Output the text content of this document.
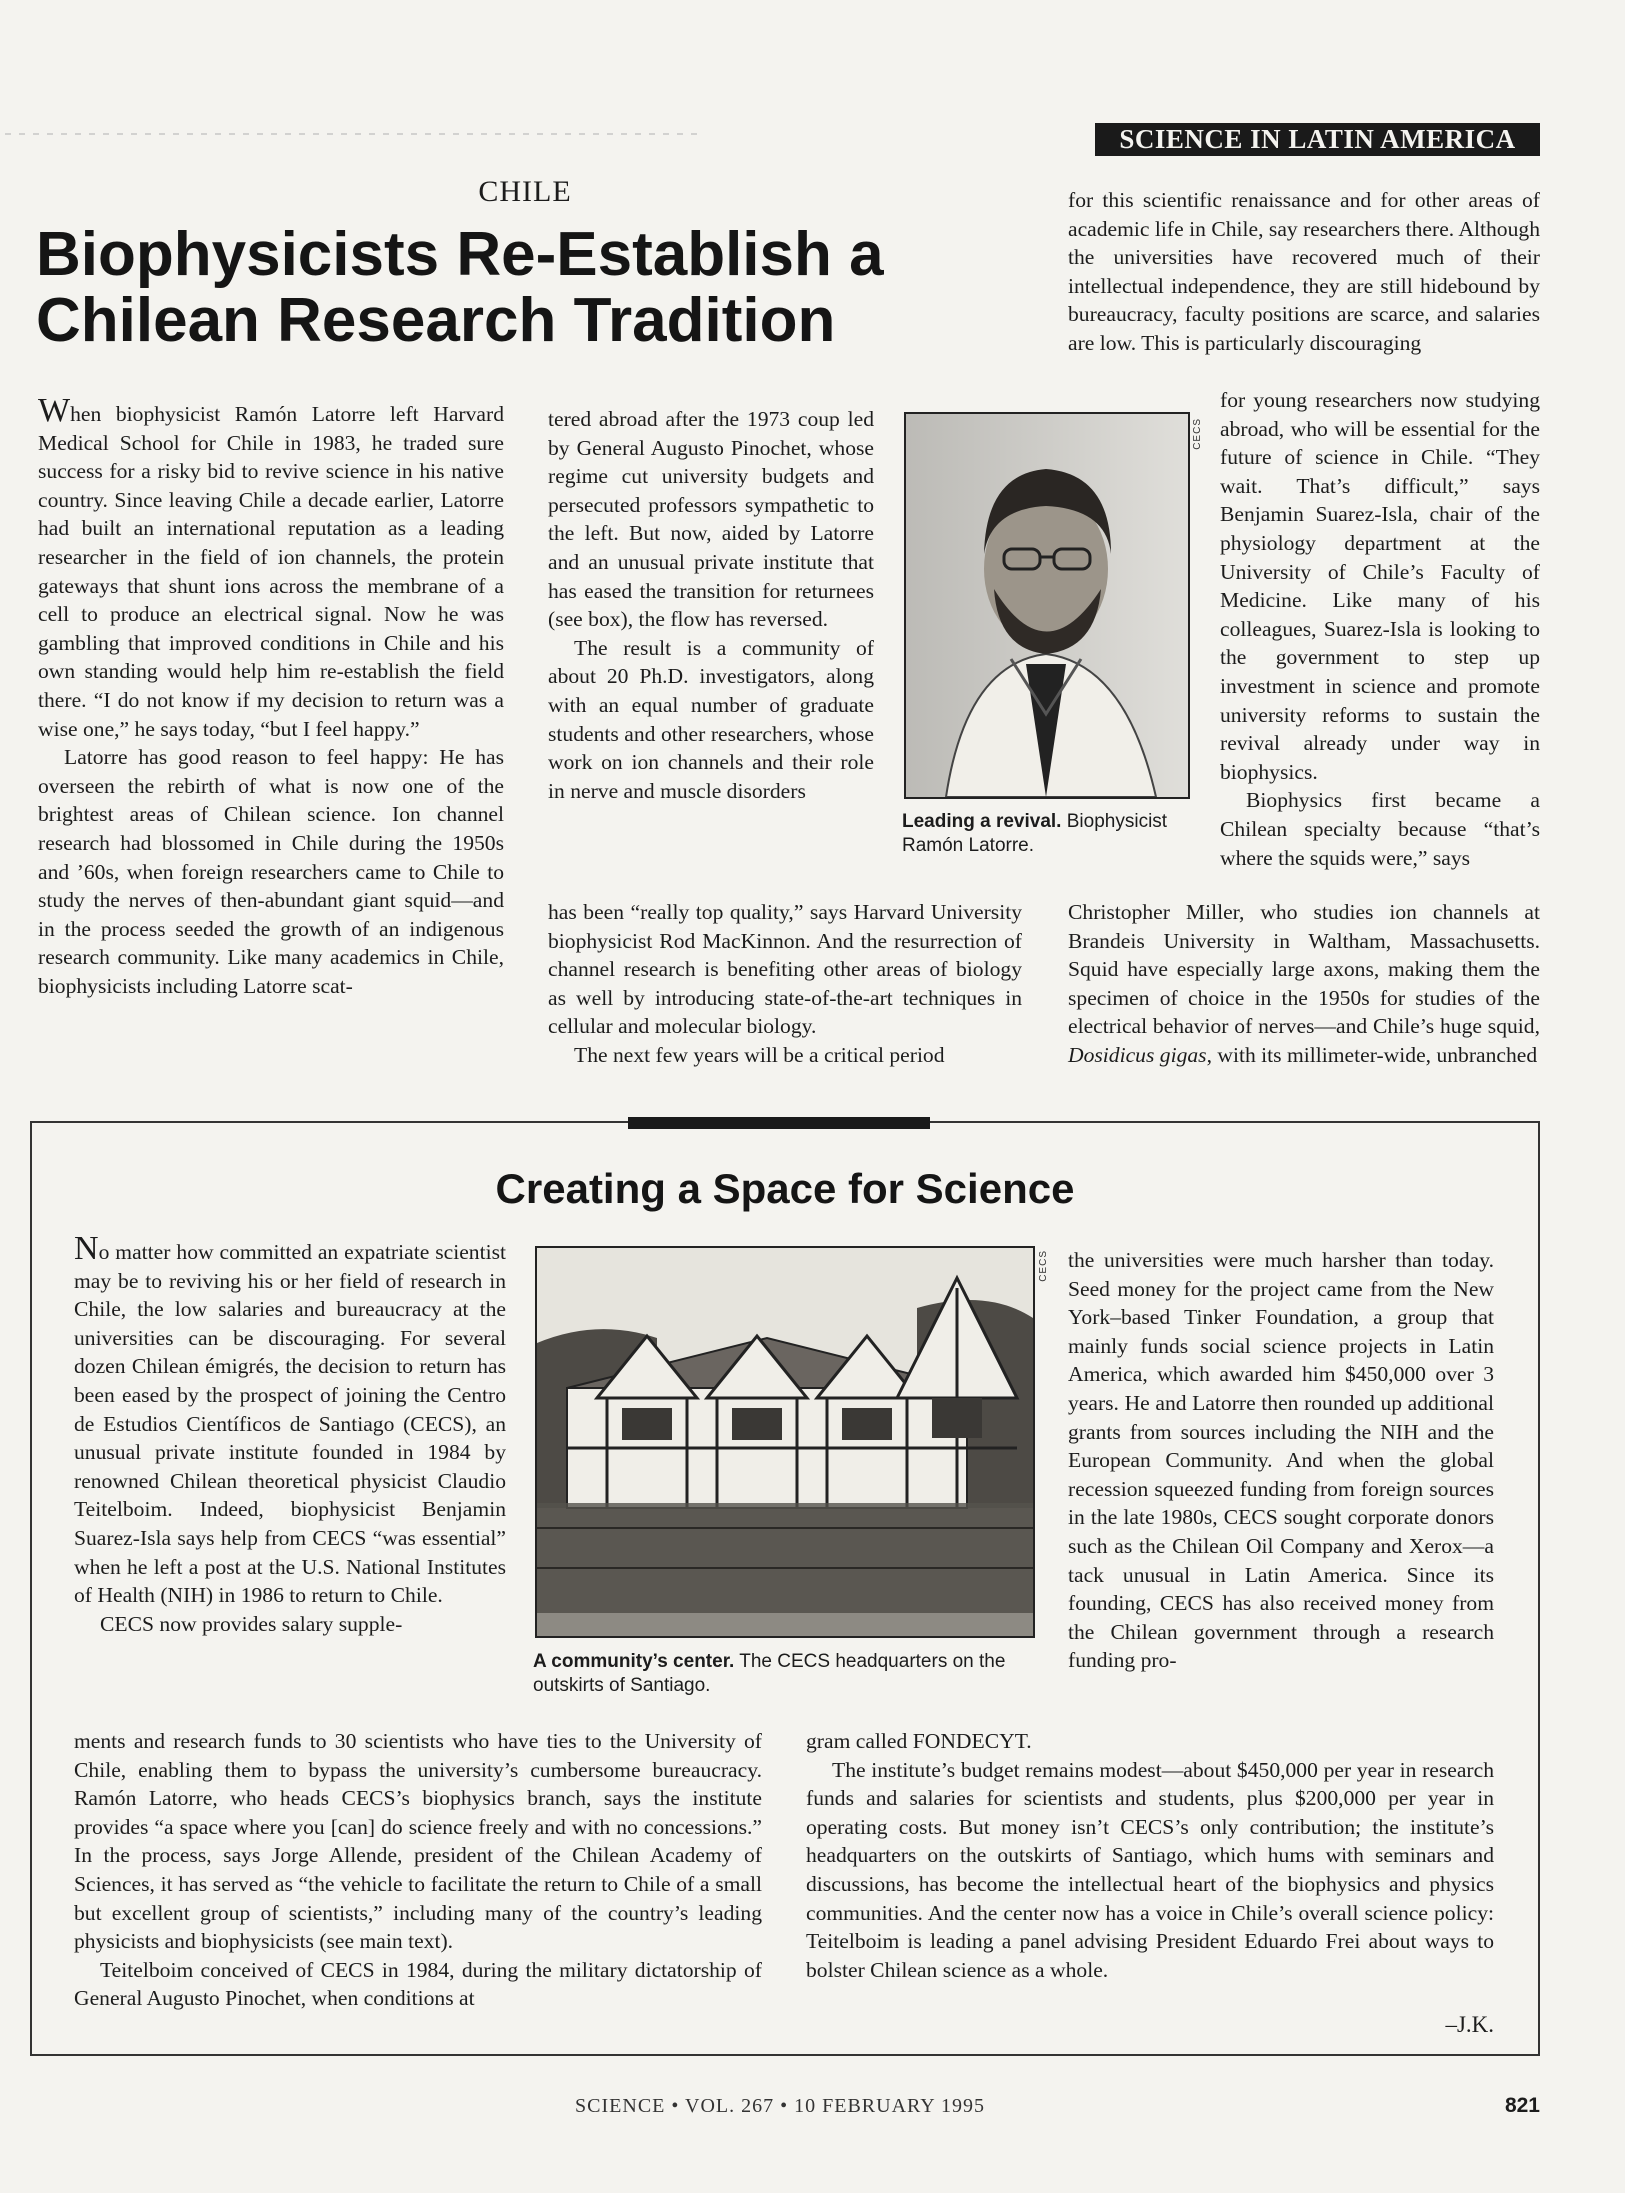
SCIENCE IN LATIN AMERICA
CHILE
Biophysicists Re-Establish a
Chilean Research Tradition

When biophysicist Ramón Latorre left Harvard Medical School for Chile in 1983, he traded sure success for a risky bid to revive science in his native country. Since leaving Chile a decade earlier, Latorre had built an international reputation as a leading researcher in the field of ion channels, the protein gateways that shunt ions across the membrane of a cell to produce an electrical signal. Now he was gambling that improved conditions in Chile and his own standing would help him re-establish the field there. “I do not know if my decision to return was a wise one,” he says today, “but I feel happy.”

Latorre has good reason to feel happy: He has overseen the rebirth of what is now one of the brightest areas of Chilean science. Ion channel research had blossomed in Chile during the 1950s and ’60s, when foreign researchers came to Chile to study the nerves of then-abundant giant squid—and in the process seeded the growth of an indigenous research community. Like many academics in Chile, biophysicists including Latorre scat-

tered abroad after the 1973 coup led by General Augusto Pinochet, whose regime cut university budgets and persecuted professors sympathetic to the left. But now, aided by Latorre and an unusual private institute that has eased the transition for returnees (see box), the flow has reversed.

The result is a community of about 20 Ph.D. investigators, along with an equal number of graduate students and other researchers, whose work on ion channels and their role in nerve and muscle disorders

has been “really top quality,” says Harvard University biophysicist Rod MacKinnon. And the resurrection of channel research is benefiting other areas of biology as well by introducing state-of-the-art techniques in cellular and molecular biology.

The next few years will be a critical period

CECS
Leading a revival. Biophysicist Ramón Latorre.

for this scientific renaissance and for other areas of academic life in Chile, say researchers there. Although the universities have recovered much of their intellectual independence, they are still hidebound by bureaucracy, faculty positions are scarce, and salaries are low. This is particularly discouraging

for young researchers now studying abroad, who will be essential for the future of science in Chile. “They wait. That’s difficult,” says Benjamin Suarez-Isla, chair of the physiology department at the University of Chile’s Faculty of Medicine. Like many of his colleagues, Suarez-Isla is looking to the government to step up investment in science and promote university reforms to sustain the revival already under way in biophysics.

Biophysics first became a Chilean specialty because “that’s where the squids were,” says

Christopher Miller, who studies ion channels at Brandeis University in Waltham, Massachusetts. Squid have especially large axons, making them the specimen of choice in the 1950s for studies of the electrical behavior of nerves—and Chile’s huge squid, Dosidicus gigas, with its millimeter-wide, unbranched

Creating a Space for Science

No matter how committed an expatriate scientist may be to reviving his or her field of research in Chile, the low salaries and bureaucracy at the universities can be discouraging. For several dozen Chilean émigrés, the decision to return has been eased by the prospect of joining the Centro de Estudios Científicos de Santiago (CECS), an unusual private institute founded in 1984 by renowned Chilean theoretical physicist Claudio Teitelboim. Indeed, biophysicist Benjamin Suarez-Isla says help from CECS “was essential” when he left a post at the U.S. National Institutes of Health (NIH) in 1986 to return to Chile.

CECS now provides salary supple-

ments and research funds to 30 scientists who have ties to the University of Chile, enabling them to bypass the university’s cumbersome bureaucracy. Ramón Latorre, who heads CECS’s biophysics branch, says the institute provides “a space where you [can] do science freely and with no concessions.” In the process, says Jorge Allende, president of the Chilean Academy of Sciences, it has served as “the vehicle to facilitate the return to Chile of a small but excellent group of scientists,” including many of the country’s leading physicists and biophysicists (see main text).

Teitelboim conceived of CECS in 1984, during the military dictatorship of General Augusto Pinochet, when conditions at

CECS
A community’s center. The CECS headquarters on the outskirts of Santiago.

the universities were much harsher than today. Seed money for the project came from the New York–based Tinker Foundation, a group that mainly funds social science projects in Latin America, which awarded him $450,000 over 3 years. He and Latorre then rounded up additional grants from sources including the NIH and the European Community. And when the global recession squeezed funding from foreign sources in the late 1980s, CECS sought corporate donors such as the Chilean Oil Company and Xerox—a tack unusual in Latin America. Since its founding, CECS has also received money from the Chilean government through a research funding pro-

gram called FONDECYT.

The institute’s budget remains modest—about $450,000 per year in research funds and salaries for scientists and students, plus $200,000 per year in operating costs. But money isn’t CECS’s only contribution; the institute’s headquarters on the outskirts of Santiago, which hums with seminars and discussions, has become the intellectual heart of the biophysics and physics communities. And the center now has a voice in Chile’s overall science policy: Teitelboim is leading a panel advising President Eduardo Frei about ways to bolster Chilean science as a whole.

–J.K.
SCIENCE • VOL. 267 • 10 FEBRUARY 1995	821
